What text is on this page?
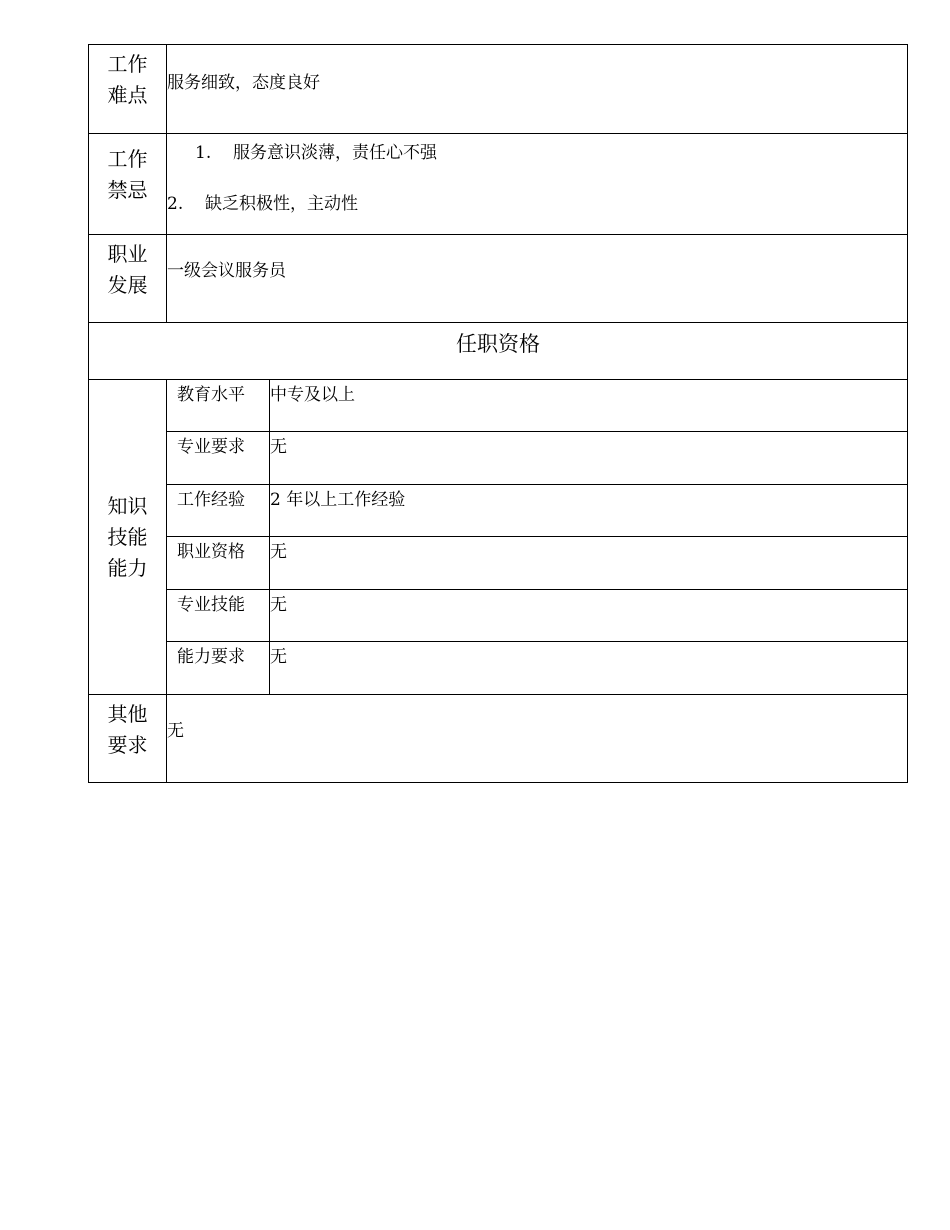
工作
难点	服务细致，态度良好	

工作
禁忌	1. 服务意识淡薄，责任心不强
2. 缺乏积极性，主动性	

职业
发展	一级会议服务员	
任职资格		

知识
技能
能力	教育水平	中专及以上
	专业要求	无
	工作经验	2 年以上工作经验
	职业资格	无
	专业技能	无
	能力要求	无

其他
要求	无	
